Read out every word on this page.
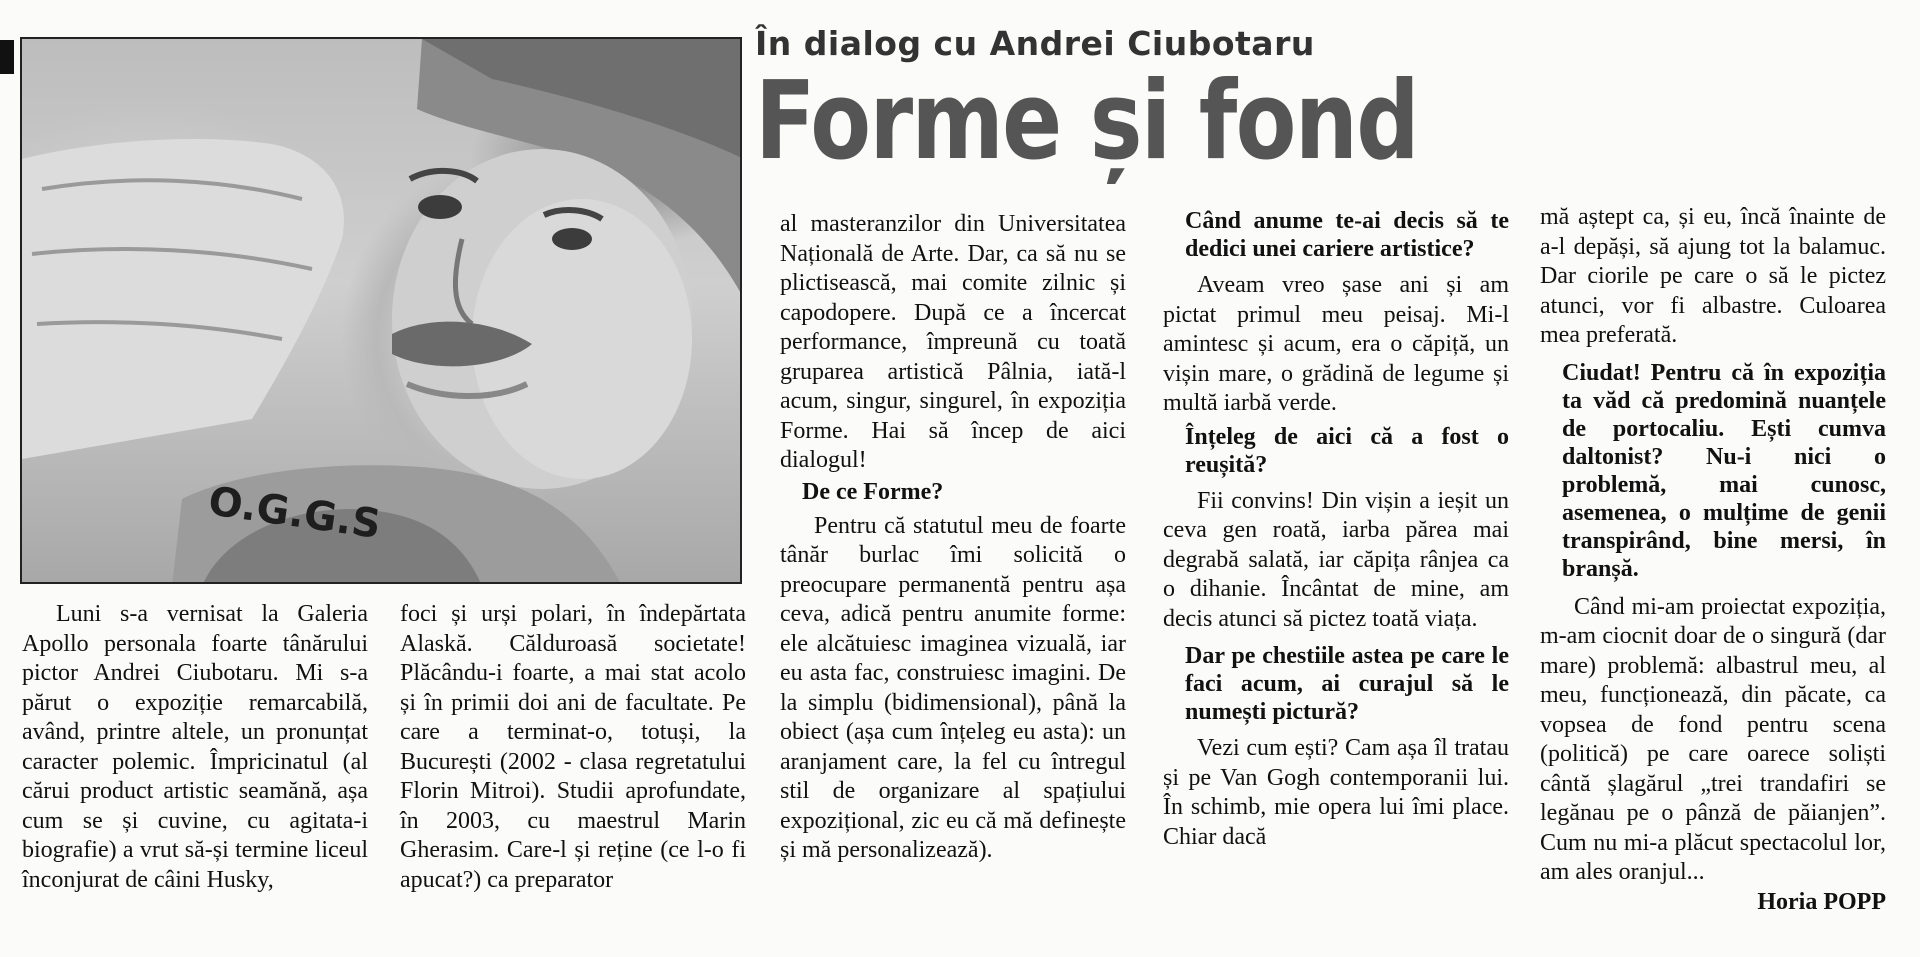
O.G.G.S
În dialog cu Andrei Ciubotaru
Forme și fond

Luni s-a vernisat la Galeria Apollo personala foarte tânărului pictor Andrei Ciubotaru. Mi s-a părut o expoziție remarcabilă, având, printre altele, un pronunțat caracter polemic. Împricinatul (al cărui product artistic seamănă, așa cum se și cuvine, cu agitata-i biografie) a vrut să-și termine liceul înconjurat de câini Husky,

foci și urși polari, în îndepărtata Alaskă. Călduroasă societate! Plăcându-i foarte, a mai stat acolo și în primii doi ani de facultate. Pe care a terminat-o, totuși, la București (2002 - clasa regretatului Florin Mitroi). Studii aprofundate, în 2003, cu maestrul Marin Gherasim. Care-l și reține (ce l-o fi apucat?) ca preparator

al masteranzilor din Universitatea Națională de Arte. Dar, ca să nu se plictisească, mai comite zilnic și capodopere. După ce a încercat performance, împreună cu toată gruparea artistică Pâlnia, iată-l acum, singur, singurel, în expoziția Forme. Hai să încep de aici dialogul!

De ce Forme?

Pentru că statutul meu de foarte tânăr burlac îmi solicită o preocupare permanentă pentru așa ceva, adică pentru anumite forme: ele alcătuiesc imaginea vizuală, iar eu asta fac, construiesc imagini. De la simplu (bidimensional), până la obiect (așa cum înțeleg eu asta): un aranjament care, la fel cu întregul stil de organizare al spațiului expozițional, zic eu că mă definește și mă personalizează).

Când anume te-ai decis să te dedici unei cariere artistice?

Aveam vreo șase ani și am pictat primul meu peisaj. Mi-l amintesc și acum, era o căpiță, un vișin mare, o grădină de legume și multă iarbă verde.

Înțeleg de aici că a fost o reușită?

Fii convins! Din vișin a ieșit un ceva gen roată, iarba părea mai degrabă salată, iar căpița rânjea ca o dihanie. Încântat de mine, am decis atunci să pictez toată viața.

Dar pe chestiile astea pe care le faci acum, ai curajul să le numești pictură?

Vezi cum ești? Cam așa îl tratau și pe Van Gogh contemporanii lui. În schimb, mie opera lui îmi place. Chiar dacă

mă aștept ca, și eu, încă înainte de a-l depăși, să ajung tot la balamuc. Dar ciorile pe care o să le pictez atunci, vor fi albastre. Culoarea mea preferată.

Ciudat! Pentru că în expoziția ta văd că predomină nuanțele de portocaliu. Ești cumva daltonist? Nu-i nici o problemă, mai cunosc, asemenea, o mulțime de genii transpirând, bine mersi, în branșă.

Când mi-am proiectat expoziția, m-am ciocnit doar de o singură (dar mare) problemă: albastrul meu, al meu, funcționează, din păcate, ca vopsea de fond pentru scena (politică) pe care oarece soliști cântă șlagărul „trei trandafiri se legănau pe o pânză de păianjen”. Cum nu mi-a plăcut spectacolul lor, am ales oranjul...

Horia POPP
